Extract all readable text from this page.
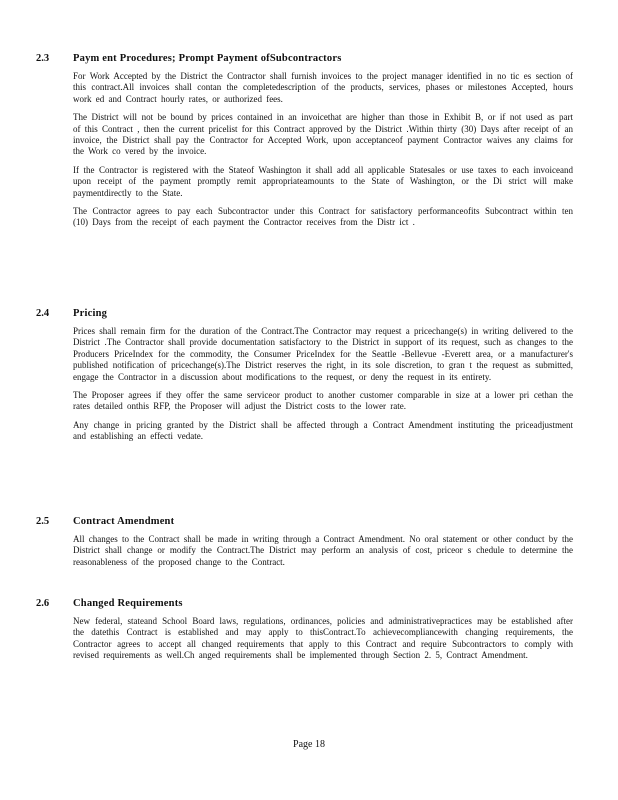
2.3 Paym ent Procedures; Prompt Payment ofSubcontractors

For Work Accepted by the District the Contractor shall furnish invoices to the project manager identified in no tic es section of this contract.All invoices shall contan the completedescription of the products, services, phases or milestones Accepted, hours work ed and Contract hourly rates, or authorized fees.

The District will not be bound by prices contained in an invoicethat are higher than those in Exhibit B, or if not used as part of this Contract , then the current pricelist for this Contract approved by the District .Within thirty (30) Days after receipt of an invoice, the District shall pay the Contractor for Accepted Work, upon acceptanceof payment Contractor waives any claims for the Work co vered by the invoice.

If the Contractor is registered with the Stateof Washington it shall add all applicable Statesales or use taxes to each invoiceand upon receipt of the payment promptly remit appropriateamounts to the State of Washington, or the Di strict will make paymentdirectly to the State.

The Contractor agrees to pay each Subcontractor under this Contract for satisfactory performanceofits Subcontract within ten (10) Days from the receipt of each payment the Contractor receives from the Distr ict .

2.4 Pricing

Prices shall remain firm for the duration of the Contract.The Contractor may request a pricechange(s) in writing delivered to the District .The Contractor shall provide documentation satisfactory to the District in support of its request, such as changes to the Producers PriceIndex for the commodity, the Consumer PriceIndex for the Seattle -Bellevue -Everett area, or a manufacturer's published notification of pricechange(s).The District reserves the right, in its sole discretion, to gran t the request as submitted, engage the Contractor in a discussion about modifications to the request, or deny the request in its entirety.

The Proposer agrees if they offer the same serviceor product to another customer comparable in size at a lower pri cethan the rates detailed onthis RFP, the Proposer will adjust the District costs to the lower rate.

Any change in pricing granted by the District shall be affected through a Contract Amendment instituting the priceadjustment and establishing an effecti vedate.

2.5 Contract Amendment

All changes to the Contract shall be made in writing through a Contract Amendment. No oral statement or other conduct by the District shall change or modify the Contract.The District may perform an analysis of cost, priceor s chedule to determine the reasonableness of the proposed change to the Contract.

2.6 Changed Requirements

New federal, stateand School Board laws, regulations, ordinances, policies and administrativepractices may be established after the datethis Contract is established and may apply to thisContract.To achievecompliancewith changing requirements, the Contractor agrees to accept all changed requirements that apply to this Contract and require Subcontractors to comply with revised requirements as well.Ch anged requirements shall be implemented through Section 2. 5, Contract Amendment.

Page 18
